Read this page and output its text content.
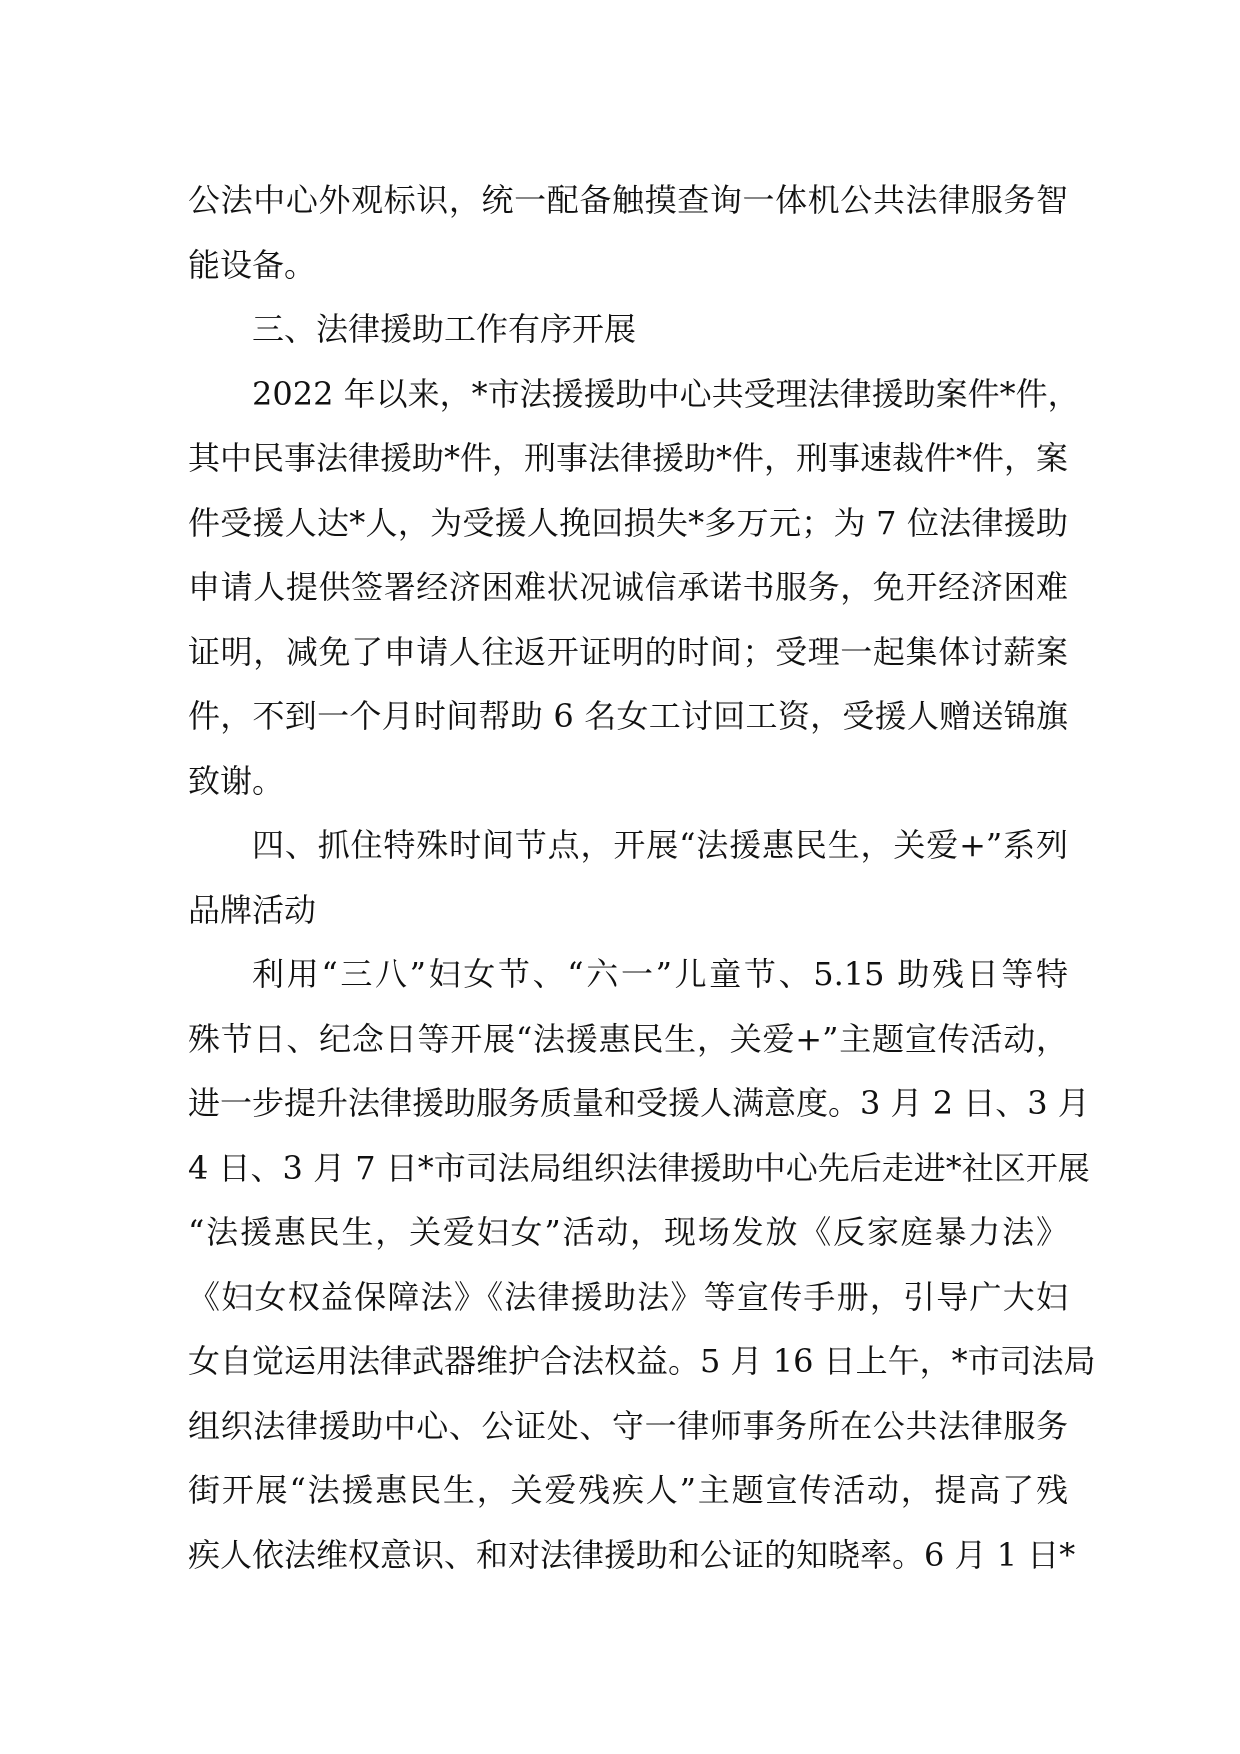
公法中心外观标识，统一配备触摸查询一体机公共法律服务智
能设备。
三、法律援助工作有序开展
2022 年以来，*市法援援助中心共受理法律援助案件*件，
其中民事法律援助*件，刑事法律援助*件，刑事速裁件*件，案
件受援人达*人，为受援人挽回损失*多万元；为 7 位法律援助
申请人提供签署经济困难状况诚信承诺书服务，免开经济困难
证明，减免了申请人往返开证明的时间；受理一起集体讨薪案
件，不到一个月时间帮助 6 名女工讨回工资，受援人赠送锦旗
致谢。
四、抓住特殊时间节点，开展“法援惠民生，关爱+”系列
品牌活动
利用“三八”妇女节、“六一”儿童节、5.15 助残日等特
殊节日、纪念日等开展“法援惠民生，关爱+”主题宣传活动，
进一步提升法律援助服务质量和受援人满意度。3 月 2 日、3 月
4 日、3 月 7 日*市司法局组织法律援助中心先后走进*社区开展
“法援惠民生，关爱妇女”活动，现场发放《反家庭暴力法》
《妇女权益保障法》《法律援助法》等宣传手册，引导广大妇
女自觉运用法律武器维护合法权益。5 月 16 日上午，*市司法局
组织法律援助中心、公证处、守一律师事务所在公共法律服务
街开展“法援惠民生，关爱残疾人”主题宣传活动，提高了残
疾人依法维权意识、和对法律援助和公证的知晓率。6 月 1 日*
